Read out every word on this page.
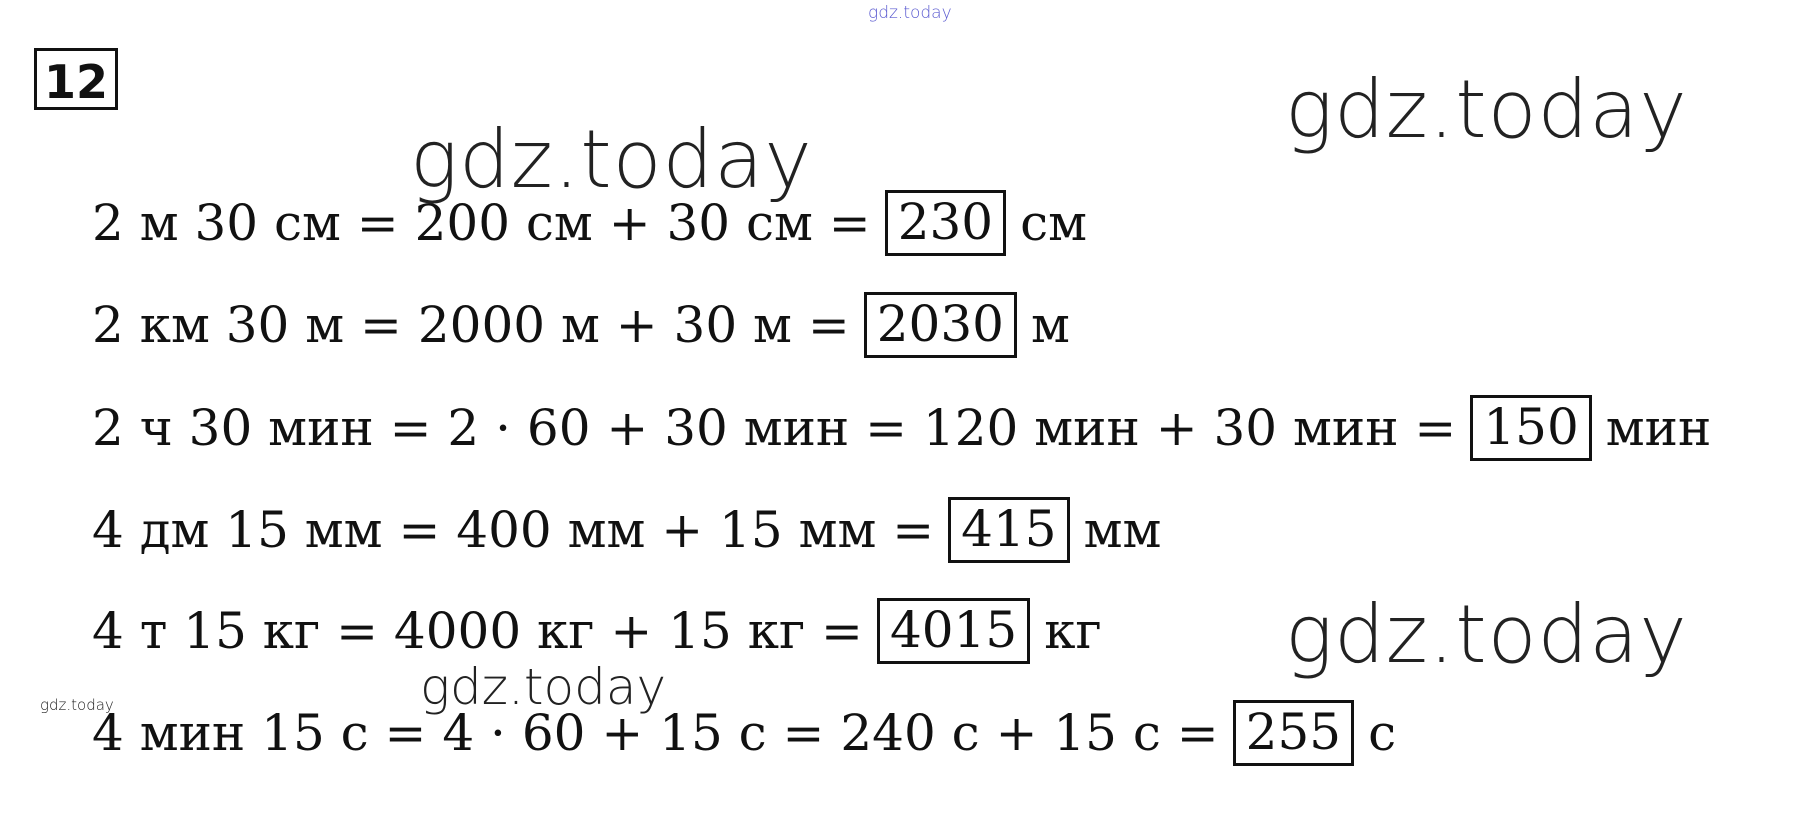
gdz.today
gdz.today
gdz.today
gdz.today
gdz.today
gdz.today
12
2 м 30 см = 200 см + 30 см = 230 см
2 км 30 м = 2000 м + 30 м = 2030 м
2 ч 30 мин = 2 · 60 + 30 мин = 120 мин + 30 мин = 150 мин
4 дм 15 мм = 400 мм + 15 мм = 415 мм
4 т 15 кг = 4000 кг + 15 кг = 4015 кг
4 мин 15 с = 4 · 60 + 15 с = 240 с + 15 с = 255 с
